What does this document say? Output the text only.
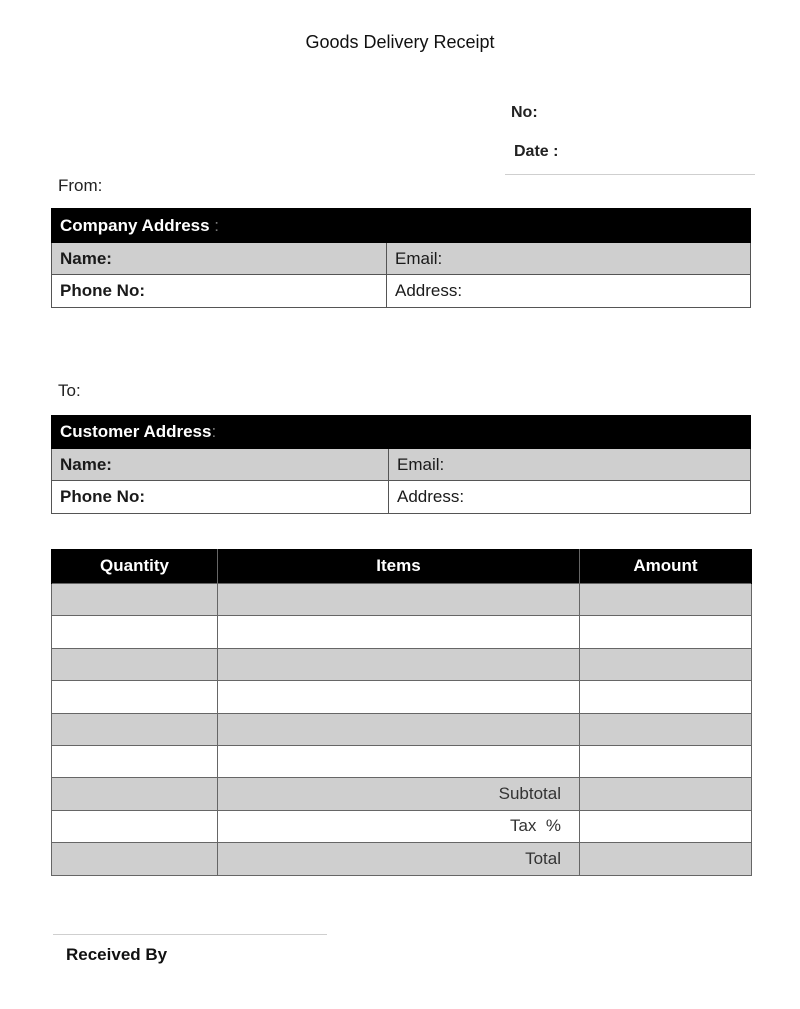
Goods Delivery Receipt
No:
Date :
From:
Company Address :	
Name:	Email:
Phone No:	Address:
To:
Customer Address:	
Name:	Email:
Phone No:	Address:
Quantity	Items	Amount

	Subtotal	
	Tax  %	
	Total	
Received By
